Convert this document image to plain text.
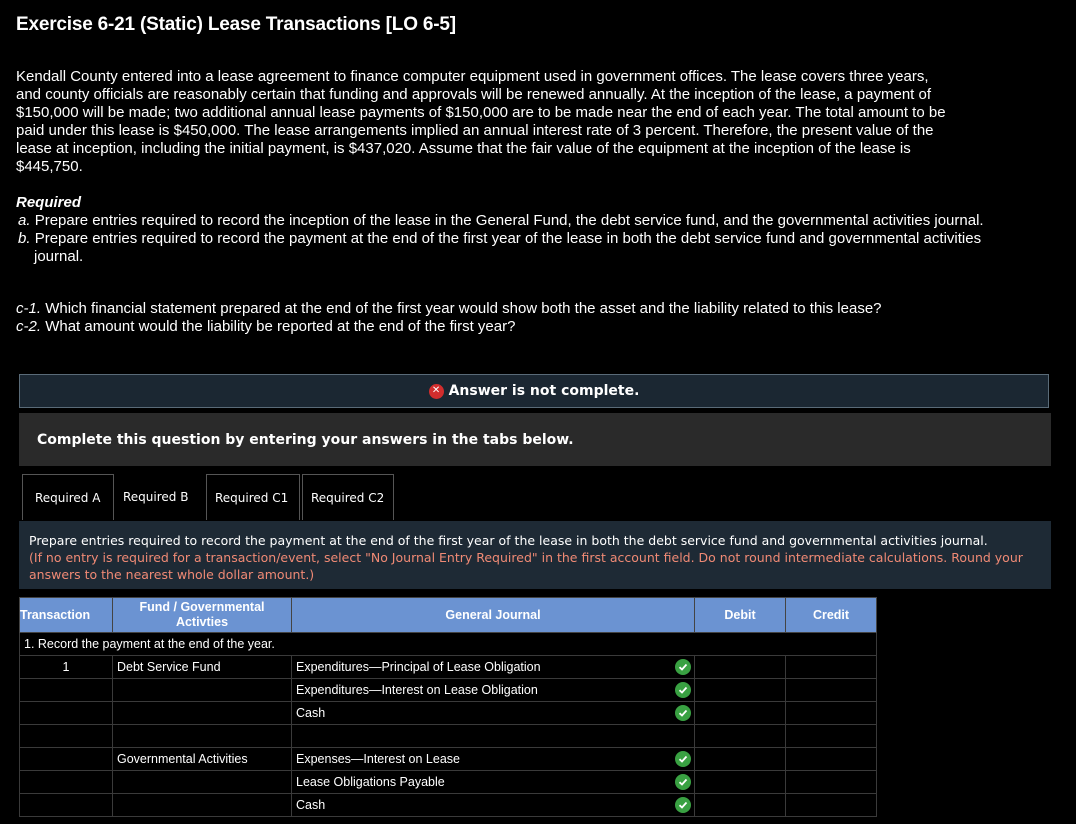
Exercise 6-21 (Static) Lease Transactions [LO 6-5]
Kendall County entered into a lease agreement to finance computer equipment used in government offices. The lease covers three years, and county officials are reasonably certain that funding and approvals will be renewed annually. At the inception of the lease, a payment of $150,000 will be made; two additional annual lease payments of $150,000 are to be made near the end of each year. The total amount to be paid under this lease is $450,000. The lease arrangements implied an annual interest rate of 3 percent. Therefore, the present value of the lease at inception, including the initial payment, is $437,020. Assume that the fair value of the equipment at the inception of the lease is $445,750.
Required
a. Prepare entries required to record the inception of the lease in the General Fund, the debt service fund, and the governmental activities journal.
b. Prepare entries required to record the payment at the end of the first year of the lease in both the debt service fund and governmental activities journal.
c-1. Which financial statement prepared at the end of the first year would show both the asset and the liability related to this lease?
c-2. What amount would the liability be reported at the end of the first year?
✕ Answer is not complete.
Complete this question by entering your answers in the tabs below.
Required A	Required B	Required C1	Required C2
Prepare entries required to record the payment at the end of the first year of the lease in both the debt service fund and governmental activities journal.
(If no entry is required for a transaction/event, select "No Journal Entry Required" in the first account field. Do not round intermediate calculations. Round your answers to the nearest whole dollar amount.)
Transaction	Fund / Governmental Activties	General Journal	Debit	Credit
1. Record the payment at the end of the year.				
1	Debt Service Fund	Expenditures—Principal of Lease Obligation

		Expenditures—Interest on Lease Obligation

		Cash

	Governmental Activities	Expenses—Interest on Lease

		Lease Obligations Payable

		Cash
